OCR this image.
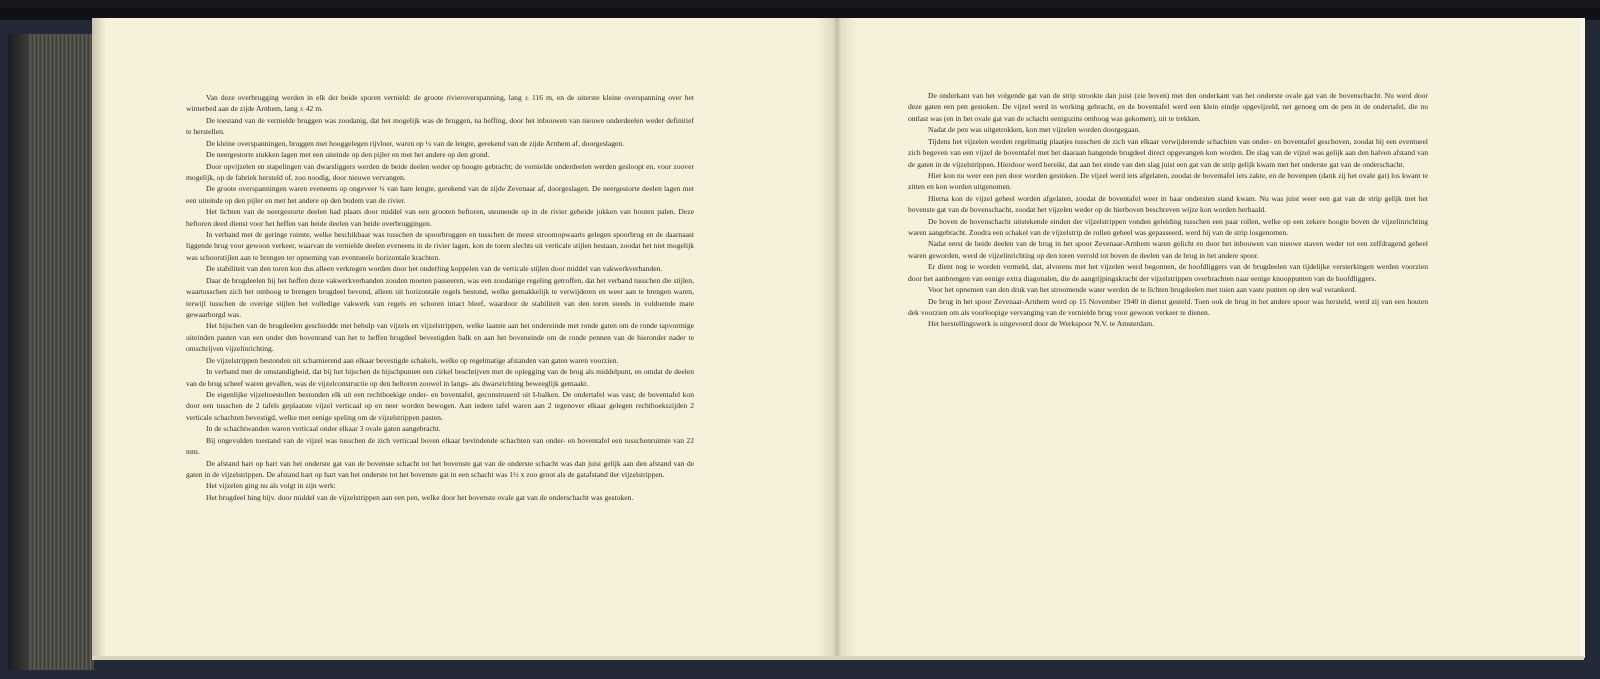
Van deze overbrugging werden in elk der beide sporen vernield: de groote rivieroverspanning, lang ± 116 m, en de uiterste kleine overspanning over het winterbed aan de zijde Arnhem, lang ± 42 m.

De toestand van de vernielde bruggen was zoodanig, dat het mogelijk was de bruggen, na heffing, door het inbouwen van nieuwe onderdeelen weder definitief te herstellen.

De kleine overspanningen, bruggen met hooggelegen rijvloer, waren op ¼ van de lengte, gerekend van de zijde Arnhem af, doorgeslagen.

De neergestorte stukken lagen met een uiteinde op den pijler en met het andere op den grond.

Door opvijzelen en stapelingen van dwarsliggers werden de beide deelen weder op hoogte gebracht; de vernielde onderdeelen werden gesloopt en, voor zoover mogelijk, op de fabriek hersteld of, zoo noodig, door nieuwe vervangen.

De groote overspanningen waren eveneens op ongeveer ¼ van hare lengte, gerekend van de zijde Zevenaar af, doorgeslagen. De neergestorte deelen lagen met een uiteinde op den pijler en met het andere op den bodem van de rivier.

Het lichten van de neergestorte deelen had plaats door middel van een grooten heftoren, steunende op in de rivier geheide jukken van houten palen. Deze heftoren deed dienst voor het heffen van beide deelen van beide overbruggingen.

In verband met de geringe ruimte, welke beschikbaar was tusschen de spoorbruggen en tusschen de meest stroomopwaarts gelegen spoorbrug en de daarnaast liggende brug voor gewoon verkeer, waarvan de vernielde deelen eveneens in de rivier lagen, kon de toren slechts uit verticale stijlen bestaan, zoodat het niet mogelijk was schoorstijlen aan te brengen ter opneming van eventueele horizontale krachten.

De stabiliteit van den toren kon dus alleen verkregen worden door het onderling koppelen van de verticale stijlen door middel van vakwerkverbanden.

Daar de brugdeelen bij het heffen deze vakwerkverbanden zouden moeten passeeren, was een zoodanige regeling getroffen, dat het verband tusschen die stijlen, waartusschen zich het omhoog te brengen brugdeel bevond, alleen uit horizontale regels bestond, welke gemakkelijk te verwijderen en weer aan te brengen waren, terwijl tusschen de overige stijlen het volledige vakwerk van regels en schoren intact bleef, waardoor de stabiliteit van den toren steeds in voldoende mate gewaarborgd was.

Het hijschen van de brugdeelen geschiedde met behulp van vijzels en vijzelstrippen, welke laatste aan het ondereinde met ronde gaten om de ronde tapvormige uiteinden pasten van een onder den bovenrand van het te heffen brugdeel bevestigden balk en aan het boveneinde om de ronde pennen van de hieronder nader te omschrijven vijzelinrichting.

De vijzelstrippen bestonden uit scharnierend aan elkaar bevestigde schakels, welke op regelmatige afstanden van gaten waren voorzien.

In verband met de omstandigheid, dat bij het hijschen de hijschpunten een cirkel beschrijven met de oplegging van de brug als middelpunt, en omdat de deelen van de brug scheef waren gevallen, was de vijzelconstructie op den heftoren zoowel in langs- als dwarsrichting beweeglijk gemaakt.

De eigenlijke vijzeltoestellen bestonden elk uit een rechthoekige onder- en boventafel, geconstrueerd uit I-balken. De ondertafel was vast; de boventafel kon door een tusschen de 2 tafels geplaatste vijzel verticaal op en neer worden bewogen. Aan iedere tafel waren aan 2 tegenover elkaar gelegen rechthoekszijden 2 verticale schachten bevestigd, welke met eenige speling om de vijzelstrippen pasten.

In de schachtwanden waren verticaal onder elkaar 3 ovale gaten aangebracht.

Bij ongevulden toestand van de vijzel was tusschen de zich verticaal boven elkaar bevindende schachten van onder- en boventafel een tusschenruimte van 22 mm.

De afstand hart op hart van het onderste gat van de bovenste schacht tot het bovenste gat van de onderste schacht was dan juist gelijk aan den afstand van de gaten in de vijzelstrippen. De afstand hart op hart van het onderste tot het bovenste gat in een schacht was 1½ x zoo groot als de gatafstand der vijzelstrippen.

Het vijzelen ging nu als volgt in zijn werk:

Het brugdeel hing bijv. door middel van de vijzelstrippen aan een pen, welke door het bovenste ovale gat van de onderschacht was gestoken.

De onderkant van het volgende gat van de strip strookte dan juist (zie boven) met den onderkant van het onderste ovale gat van de bovenschacht. Nu werd door deze gaten een pen gestoken. De vijzel werd in werking gebracht, en de boventafel werd een klein eindje opgevijzeld, net genoeg om de pen in de ondertafel, die nu ontlast was (en in het ovale gat van de schacht eenigszins omhoog was gekomen), uit te trekken.

Nadat de pen was uitgetrokken, kon met vijzelen worden doorgegaan.

Tijdens het vijzelen werden regelmatig plaatjes tusschen de zich van elkaar verwijderende schachten van onder- en boventafel geschoven, zoodat bij een eventueel zich begeven van een vijzel de boventafel met het daaraan hangende brugdeel direct opgevangen kon worden. De slag van de vijzel was gelijk aan den halven afstand van de gaten in de vijzelstrippen. Hierdoor werd bereikt, dat aan het einde van den slag juist een gat van de strip gelijk kwam met het onderste gat van de onderschacht.

Hier kon nu weer een pen door worden gestoken. De vijzel werd iets afgelaten, zoodat de boventafel iets zakte, en de bovenpen (dank zij het ovale gat) los kwam te zitten en kon worden uitgenomen.

Hierna kon de vijzel geheel worden afgelaten, zoodat de boventafel weer in haar ondersten stand kwam. Nu was juist weer een gat van de strip gelijk met het bovenste gat van de bovenschacht, zoodat het vijzelen weder op de hierboven beschreven wijze kon worden herhaald.

De boven de bovenschacht uitstekende einden der vijzelstrippen vonden geleiding tusschen een paar rollen, welke op een zekere hoogte boven de vijzelinrichting waren aangebracht. Zoodra een schakel van de vijzelstrip de rollen geheel was gepasseerd, werd hij van de strip losgenomen.

Nadat eerst de beide deelen van de brug in het spoor Zevenaar-Arnhem waren gelicht en door het inbouwen van nieuwe staven weder tot een zelfdragend geheel waren geworden, werd de vijzelinrichting op den toren verrold tot boven de deelen van de brug in het andere spoor.

Er dient nog te worden vermeld, dat, alvorens met het vijzelen werd begonnen, de hoofdliggers van de brugdeelen van tijdelijke versterkingen werden voorzien door het aanbrengen van eenige extra diagonalen, die de aangrijpingskracht der vijzelstrippen overbrachten naar eenige knooppunten van de hoofdliggers.

Voor het opnemen van den druk van het stroomende water werden de te lichten brugdeelen met tuien aan vaste punten op den wal verankerd.

De brug in het spoor Zevenaar-Arnhem werd op 15 November 1940 in dienst gesteld. Toen ook de brug in het andere spoor was hersteld, werd zij van een houten dek voorzien om als voorloopige vervanging van de vernielde brug voor gewoon verkeer te dienen.

Het herstellingswerk is uitgevoerd door de Werkspoor N.V. te Amsterdam.
